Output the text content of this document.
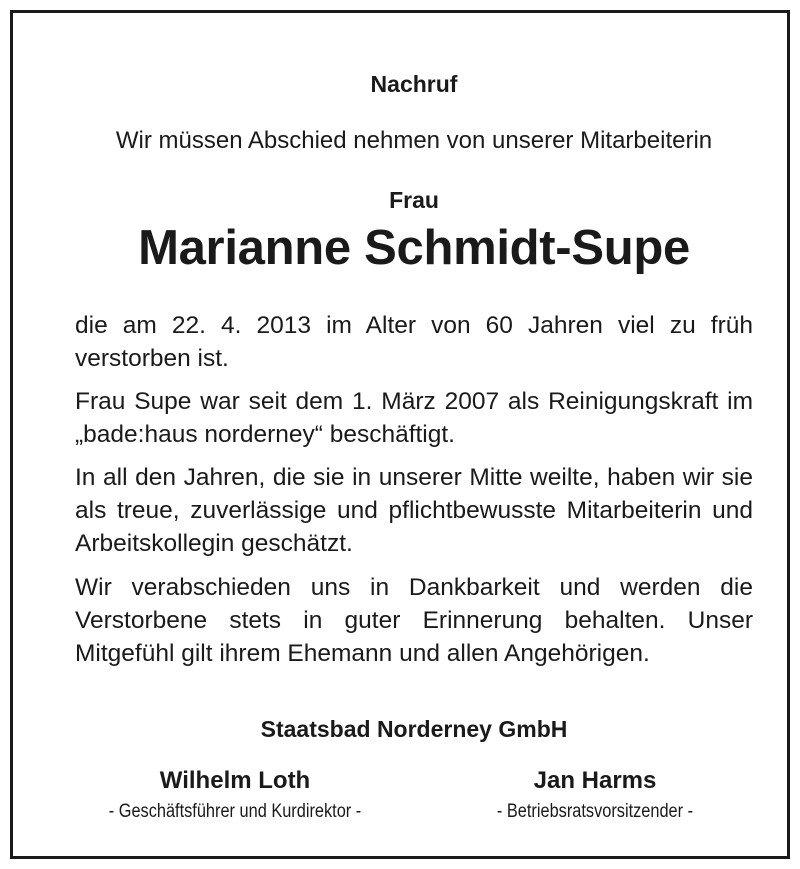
Nachruf
Wir müssen Abschied nehmen von unserer Mitarbeiterin
Frau
Marianne Schmidt-Supe
die am 22. 4. 2013 im Alter von 60 Jahren viel zu früh verstorben ist.
Frau Supe war seit dem 1. März 2007 als Reinigungskraft im „bade:haus norderney“ beschäftigt.
In all den Jahren, die sie in unserer Mitte weilte, haben wir sie als treue, zuverlässige und pflichtbewusste Mitarbeiterin und Arbeitskollegin geschätzt.
Wir verabschieden uns in Dankbarkeit und werden die Verstorbene stets in guter Erinnerung behalten. Unser Mitgefühl gilt ihrem Ehemann und allen Angehörigen.
Staatsbad Norderney GmbH
Wilhelm Loth
- Geschäftsführer und Kurdirektor -
Jan Harms
- Betriebsratsvorsitzender -
